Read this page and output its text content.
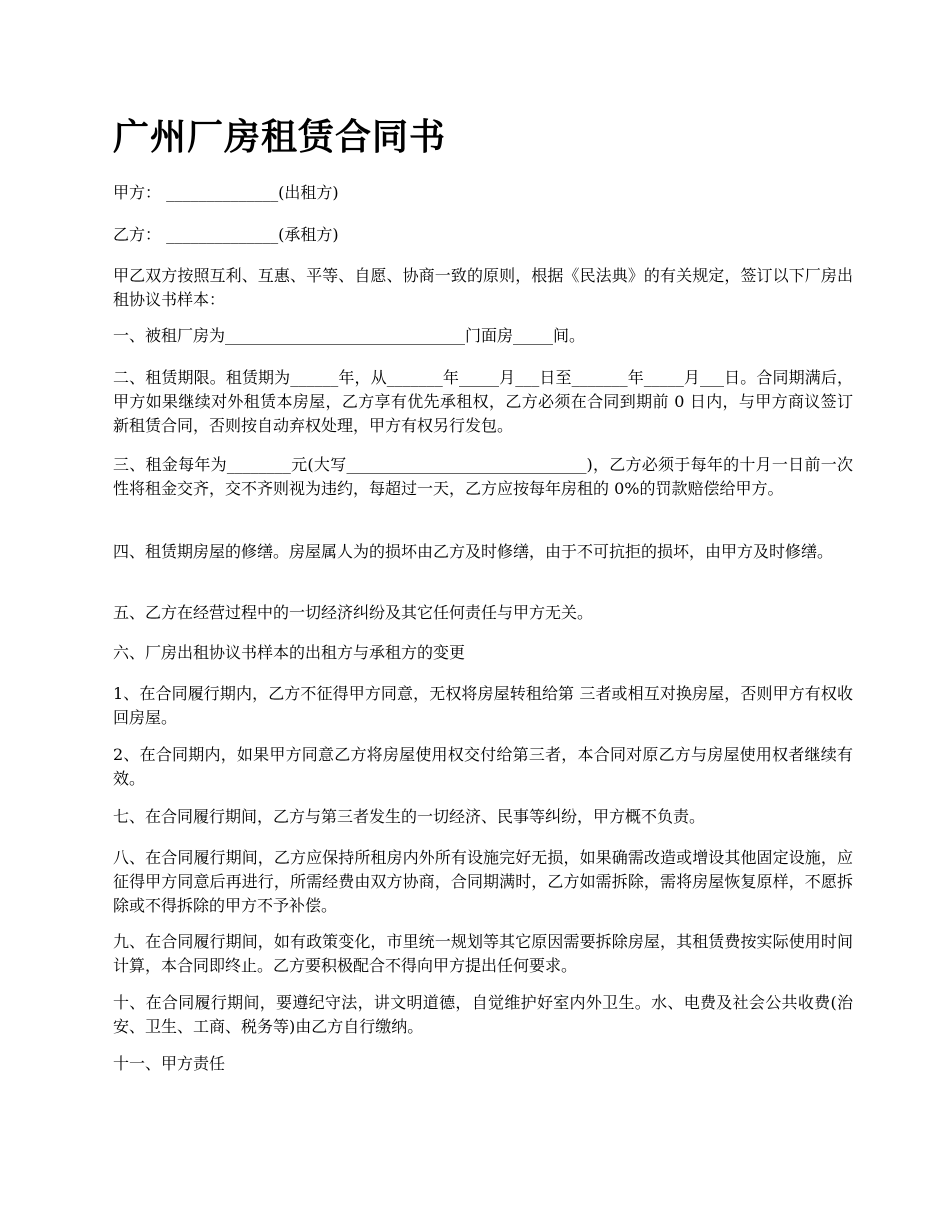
广州厂房租赁合同书

甲方： ______________(出租方)

乙方： ______________(承租方)

甲乙双方按照互利、互惠、平等、自愿、协商一致的原则，根据《民法典》的有关规定，签订以下厂房出租协议书样本：

一、被租厂房为______________________________门面房_____间。

二、租赁期限。租赁期为______年，从_______年_____月___日至_______年_____月___日。合同期满后，甲方如果继续对外租赁本房屋，乙方享有优先承租权，乙方必须在合同到期前 0 日内，与甲方商议签订新租赁合同，否则按自动弃权处理，甲方有权另行发包。

三、租金每年为________元(大写______________________________)，乙方必须于每年的十月一日前一次性将租金交齐，交不齐则视为违约，每超过一天，乙方应按每年房租的 0%的罚款赔偿给甲方。

四、租赁期房屋的修缮。房屋属人为的损坏由乙方及时修缮，由于不可抗拒的损坏，由甲方及时修缮。

五、乙方在经营过程中的一切经济纠纷及其它任何责任与甲方无关。

六、厂房出租协议书样本的出租方与承租方的变更

1、在合同履行期内，乙方不征得甲方同意，无权将房屋转租给第 三者或相互对换房屋，否则甲方有权收回房屋。

2、在合同期内，如果甲方同意乙方将房屋使用权交付给第三者，本合同对原乙方与房屋使用权者继续有效。

七、在合同履行期间，乙方与第三者发生的一切经济、民事等纠纷，甲方概不负责。

八、在合同履行期间，乙方应保持所租房内外所有设施完好无损，如果确需改造或增设其他固定设施，应征得甲方同意后再进行，所需经费由双方协商，合同期满时，乙方如需拆除，需将房屋恢复原样，不愿拆除或不得拆除的甲方不予补偿。

九、在合同履行期间，如有政策变化，市里统一规划等其它原因需要拆除房屋，其租赁费按实际使用时间计算，本合同即终止。乙方要积极配合不得向甲方提出任何要求。

十、在合同履行期间，要遵纪守法，讲文明道德，自觉维护好室内外卫生。水、电费及社会公共收费(治安、卫生、工商、税务等)由乙方自行缴纳。

十一、甲方责任
